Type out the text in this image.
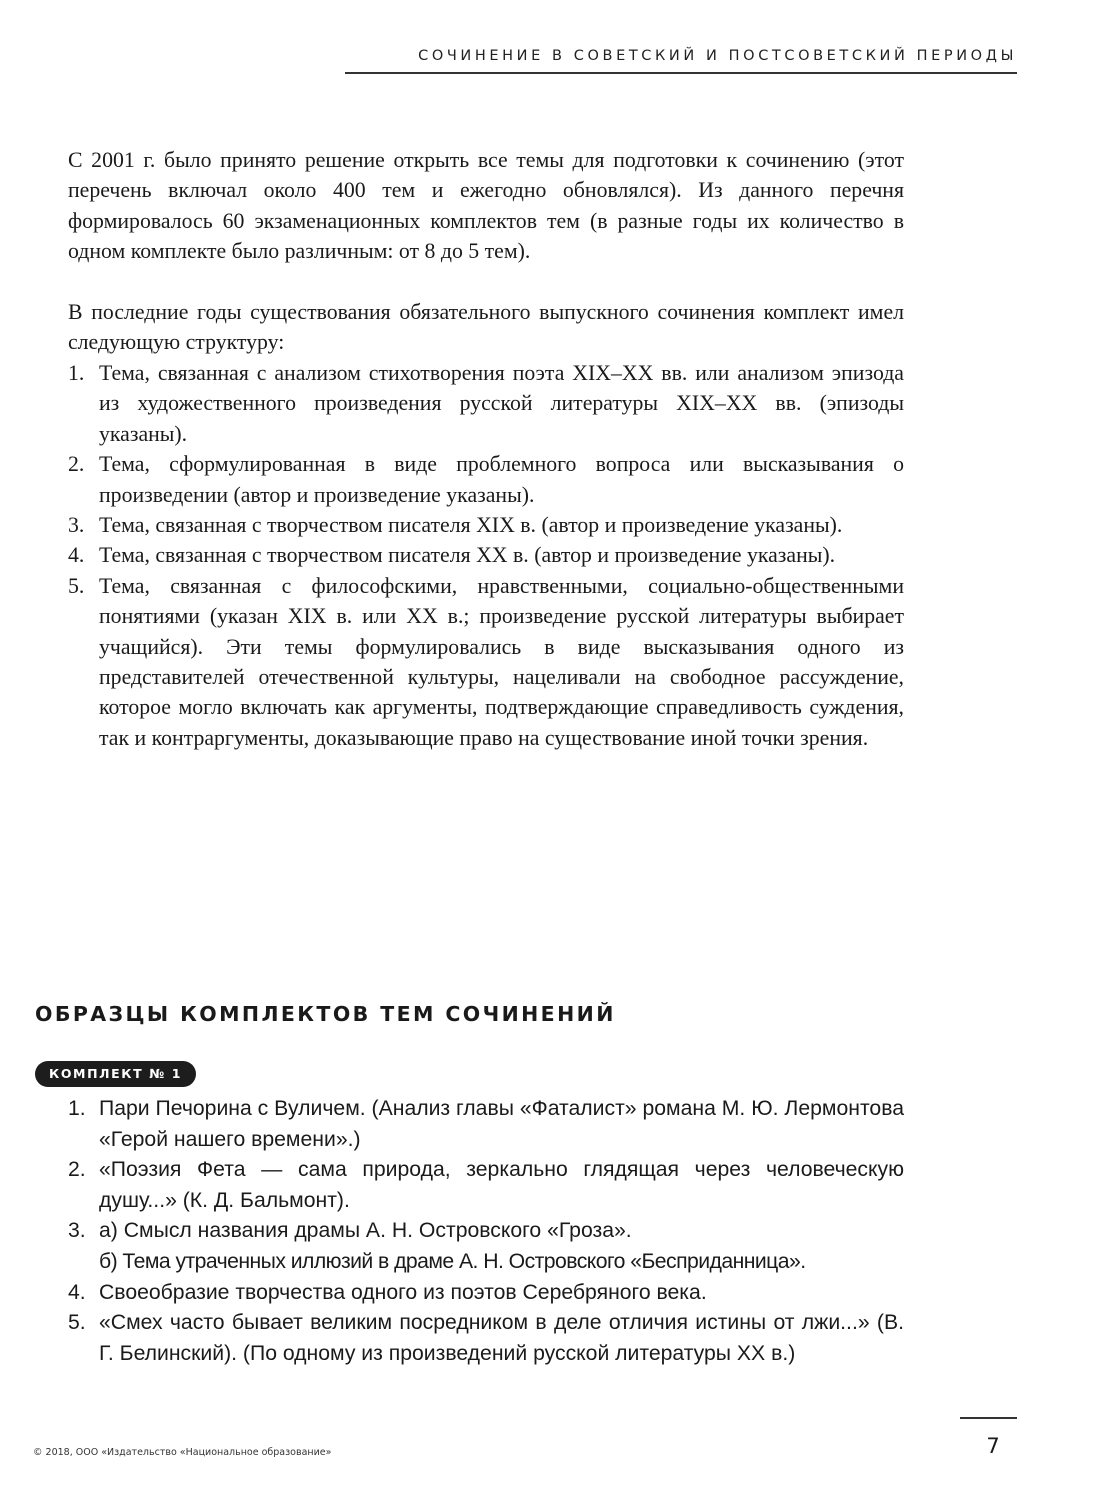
СОЧИНЕНИЕ В СОВЕТСКИЙ И ПОСТСОВЕТСКИЙ ПЕРИОДЫ

С 2001 г. было принято решение открыть все темы для подготовки к сочинению (этот перечень включал около 400 тем и ежегодно обновлялся). Из данного перечня формировалось 60 экзаменационных комплектов тем (в разные годы их количество в одном комплекте было различным: от 8 до 5 тем).

В последние годы существования обязательного выпускного сочинения комплект имел следующую структуру:

1. Тема, связанная с анализом стихотворения поэта XIX–XX вв. или анализом эпизода из художественного произведения русской литературы XIX–XX вв. (эпизоды указаны).
2. Тема, сформулированная в виде проблемного вопроса или высказывания о произведении (автор и произведение указаны).
3. Тема, связанная с творчеством писателя XIX в. (автор и произведение указаны).
4. Тема, связанная с творчеством писателя XX в. (автор и произведение указаны).
5. Тема, связанная с философскими, нравственными, социально-общественными понятиями (указан XIX в. или XX в.; произведение русской литературы выбирает учащийся). Эти темы формулировались в виде высказывания одного из представителей отечественной культуры, нацеливали на свободное рассуждение, которое могло включать как аргументы, подтверждающие справедливость суждения, так и контраргументы, доказывающие право на существование иной точки зрения.
ОБРАЗЦЫ КОМПЛЕКТОВ ТЕМ СОЧИНЕНИЙ
КОМПЛЕКТ № 1
1. Пари Печорина с Вуличем. (Анализ главы «Фаталист» романа М. Ю. Лермонтова «Герой нашего времени».)
2. «Поэзия Фета — сама природа, зеркально глядящая через человеческую душу...» (К. Д. Бальмонт).
3. а) Смысл названия драмы А. Н. Островского «Гроза».
б) Тема утраченных иллюзий в драме А. Н. Островского «Бесприданница».
4. Своеобразие творчества одного из поэтов Серебряного века.
5. «Смех часто бывает великим посредником в деле отличия истины от лжи...» (В. Г. Белинский). (По одному из произведений русской литературы XX в.)
© 2018, ООО «Издательство «Национальное образование»	7
